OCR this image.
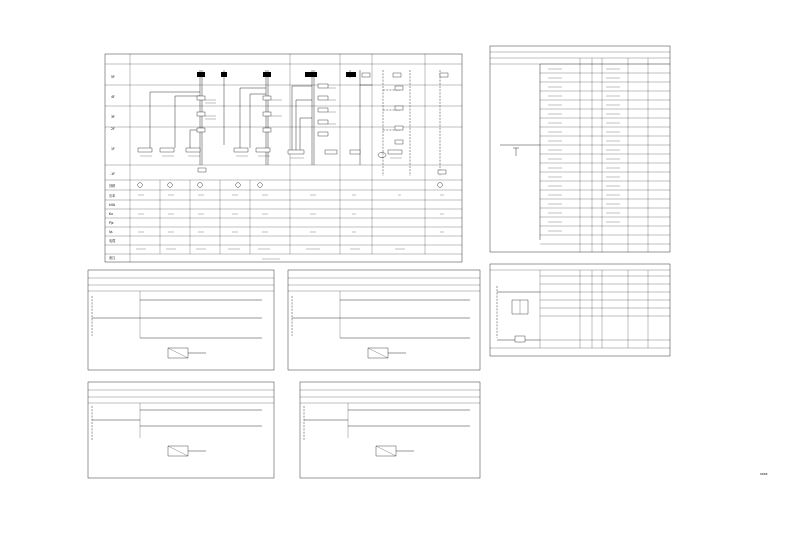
5F
4F
3F
2F
1F
-1F
回路
功率
kVA
Kx
Pjs
Ijs
电缆
备注
xxxx
